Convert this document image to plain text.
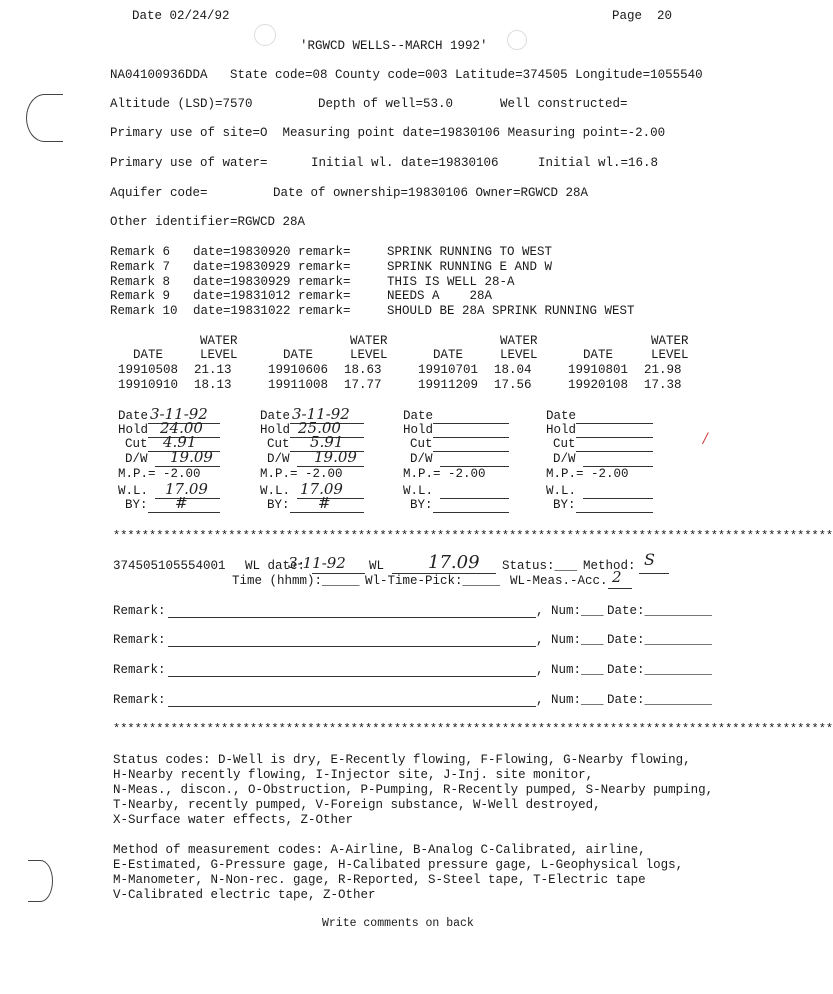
Date 02/24/92	Page  20
'RGWCD WELLS--MARCH 1992'
NA04100936DDA   State code=08 County code=003 Latitude=374505 Longitude=1055540
Altitude (LSD)=7570	Depth of well=53.0	Well constructed=
Primary use of site=O  Measuring point date=19830106 Measuring point=-2.00
Primary use of water=	Initial wl. date=19830106	Initial wl.=16.8
Aquifer code=	Date of ownership=19830106 Owner=RGWCD 28A
Other identifier=RGWCD 28A
Remark 6 date=19830920 remark=	SPRINK RUNNING TO WEST
Remark 7 date=19830929 remark=	SPRINK RUNNING E AND W
Remark 8 date=19830929 remark=	THIS IS WELL 28-A
Remark 9 date=19831012 remark=	NEEDS A    28A
Remark 10 date=19831022 remark=	SHOULD BE 28A SPRINK RUNNING WEST
WATER	WATER	WATER	WATER
DATE	LEVEL	DATE	LEVEL	DATE	LEVEL	DATE	LEVEL
19910508 21.13	19910606 18.63	19910701 18.04	19910801 21.98
19910910 18.13	19911008 17.77	19911209 17.56	19920108 17.38
Date 3-11-92
Hold 24.00
Cut 4.91
D/W 19.09
M.P.= -2.00
W.L. 17.09
BY: #
Date 3-11-92
Hold 25.00
Cut 5.91
D/W 19.09
M.P.= -2.00
W.L. 17.09
BY: #
Date
Hold
Cut
D/W
M.P.= -2.00
W.L.
BY:
Date
Hold
Cut
D/W
M.P.= -2.00
W.L.
BY:
/
****************************************************************************************************
374505105554001 WL date:
3-11-92 WL 17.09 Status:___ Method: S
Time (hhmm):_____ Wl-Time-Pick:_____ WL-Meas.-Acc. 2
Remark:	, Num:___ Date:_________
Remark:	, Num:___ Date:_________
Remark:	, Num:___ Date:_________
Remark:	, Num:___ Date:_________
****************************************************************************************************
Status codes: D-Well is dry, E-Recently flowing, F-Flowing, G-Nearby flowing,
H-Nearby recently flowing, I-Injector site, J-Inj. site monitor,
N-Meas., discon., O-Obstruction, P-Pumping, R-Recently pumped, S-Nearby pumping,
T-Nearby, recently pumped, V-Foreign substance, W-Well destroyed,
X-Surface water effects, Z-Other
Method of measurement codes: A-Airline, B-Analog C-Calibrated, airline,
E-Estimated, G-Pressure gage, H-Calibated pressure gage, L-Geophysical logs,
M-Manometer, N-Non-rec. gage, R-Reported, S-Steel tape, T-Electric tape
V-Calibrated electric tape, Z-Other
Write comments on back
